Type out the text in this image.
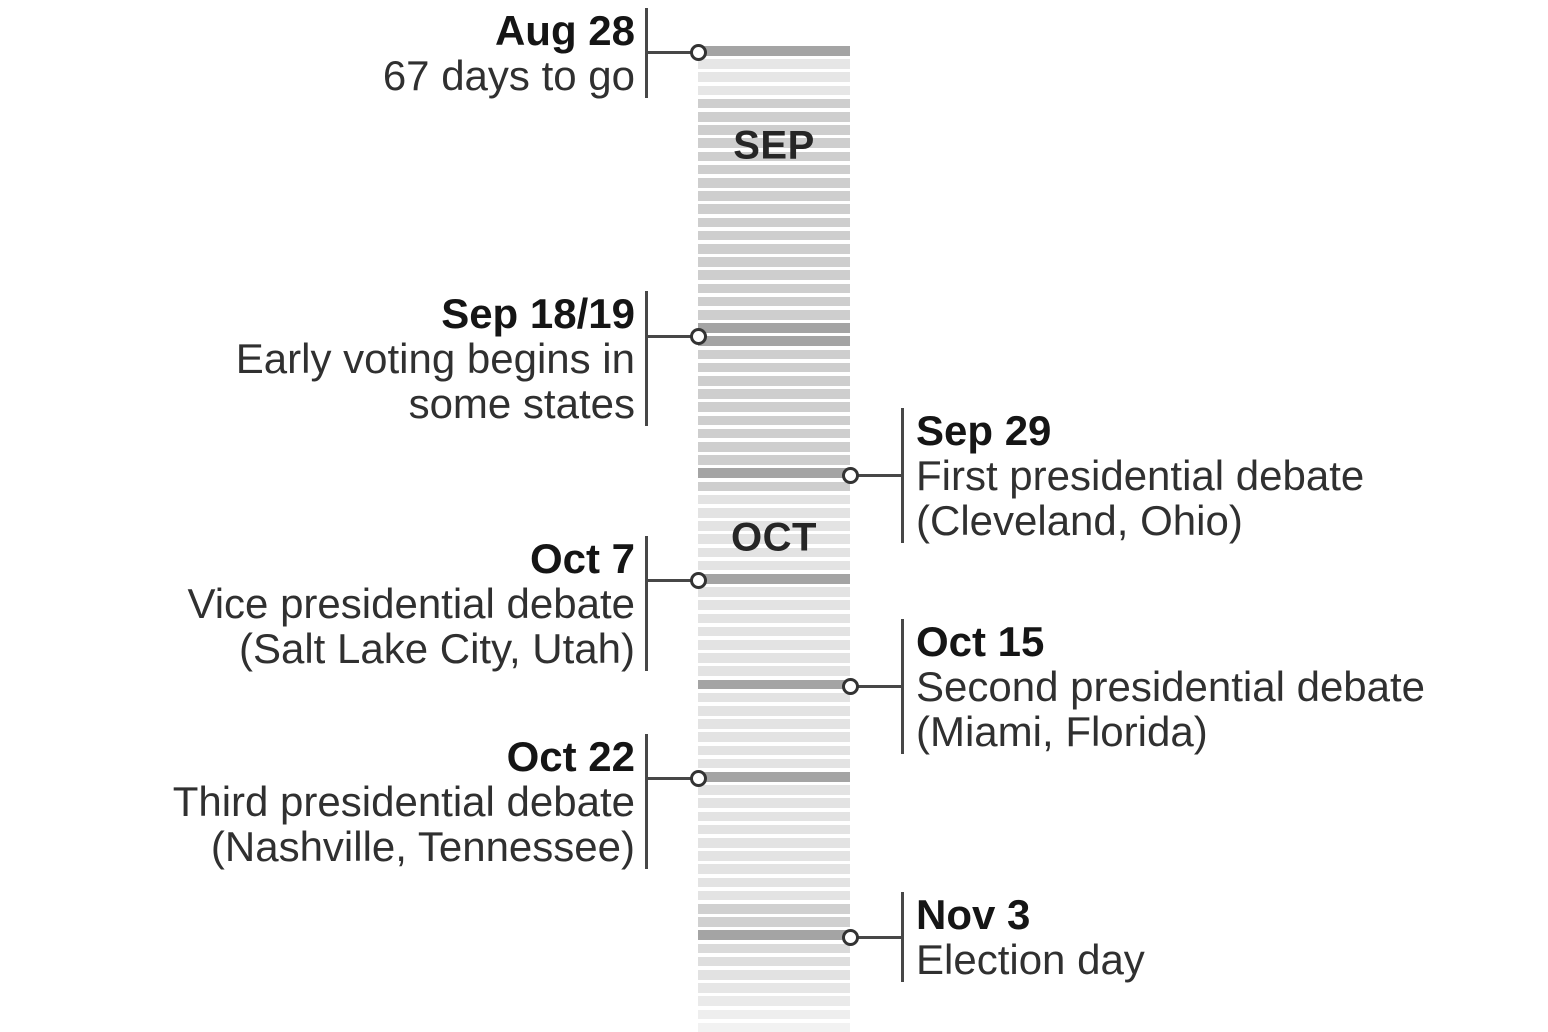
SEP
OCT
Aug 28
67 days to go
Sep 18/19
Early voting begins in
some states
Sep 29
First presidential debate
(Cleveland, Ohio)
Oct 7
Vice presidential debate
(Salt Lake City, Utah)	Oct 15
Second presidential debate
(Miami, Florida)
Oct 22
Third presidential debate
(Nashville, Tennessee)
Nov 3
Election day
